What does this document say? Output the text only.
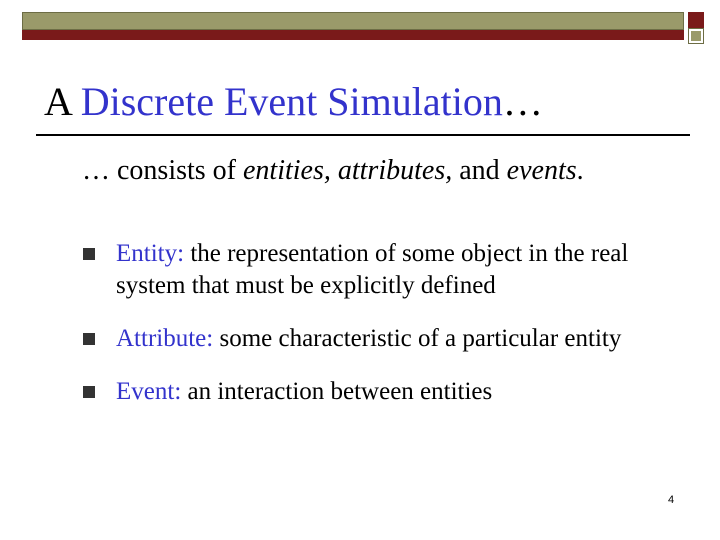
A Discrete Event Simulation…
… consists of entities, attributes, and events.
Entity: the representation of some object in the real system that must be explicitly defined
Attribute: some characteristic of a particular entity
Event: an interaction between entities
4
